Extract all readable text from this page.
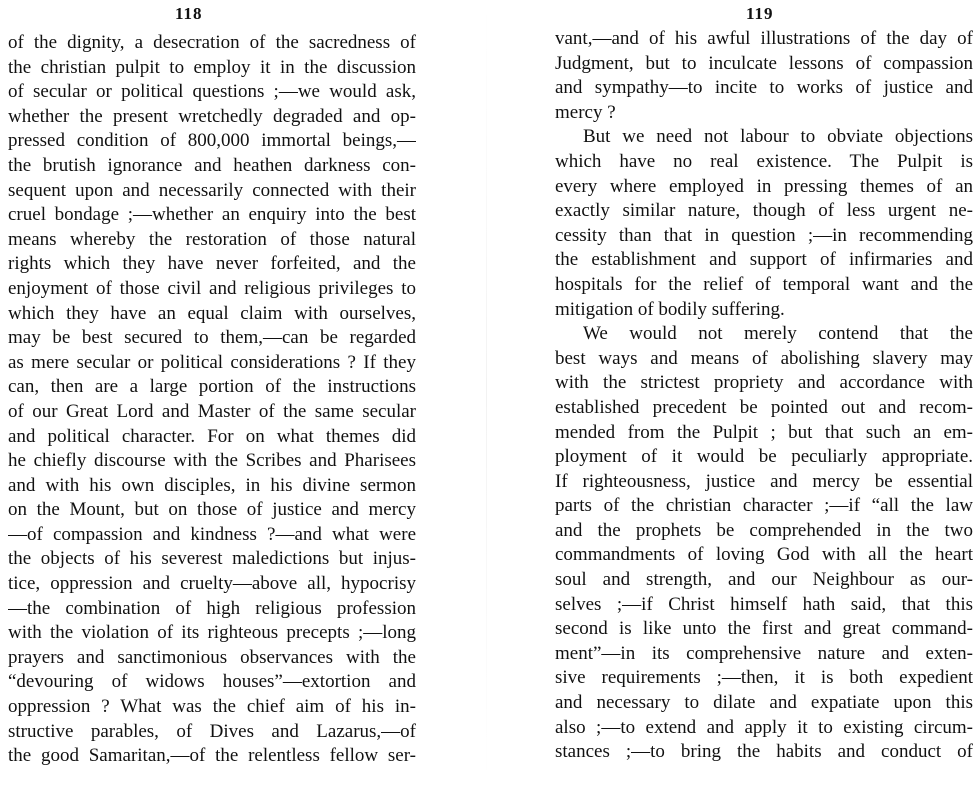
118
of the dignity, a desecration of the sacredness of
the christian pulpit to employ it in the discussion
of secular or political questions ;—we would ask,
whether the present wretchedly degraded and op-
pressed condition of 800,000 immortal beings,—
the brutish ignorance and heathen darkness con-
sequent upon and necessarily connected with their
cruel bondage ;—whether an enquiry into the best
means whereby the restoration of those natural
rights which they have never forfeited, and the
enjoyment of those civil and religious privileges to
which they have an equal claim with ourselves,
may be best secured to them,—can be regarded
as mere secular or political considerations ? If they
can, then are a large portion of the instructions
of our Great Lord and Master of the same secular
and political character. For on what themes did
he chiefly discourse with the Scribes and Pharisees
and with his own disciples, in his divine sermon
on the Mount, but on those of justice and mercy
—of compassion and kindness ?—and what were
the objects of his severest maledictions but injus-
tice, oppression and cruelty—above all, hypocrisy
—the combination of high religious profession
with the violation of its righteous precepts ;—long
prayers and sanctimonious observances with the
“devouring of widows houses”—extortion and
oppression ? What was the chief aim of his in-
structive parables, of Dives and Lazarus,—of
the good Samaritan,—of the relentless fellow ser-
119
vant,—and of his awful illustrations of the day of
Judgment, but to inculcate lessons of compassion
and sympathy—to incite to works of justice and
mercy ?
But we need not labour to obviate objections
which have no real existence. The Pulpit is
every where employed in pressing themes of an
exactly similar nature, though of less urgent ne-
cessity than that in question ;—in recommending
the establishment and support of infirmaries and
hospitals for the relief of temporal want and the
mitigation of bodily suffering.
We would not merely contend that the
best ways and means of abolishing slavery may
with the strictest propriety and accordance with
established precedent be pointed out and recom-
mended from the Pulpit ; but that such an em-
ployment of it would be peculiarly appropriate.
If righteousness, justice and mercy be essential
parts of the christian character ;—if “all the law
and the prophets be comprehended in the two
commandments of loving God with all the heart
soul and strength, and our Neighbour as our-
selves ;—if Christ himself hath said, that this
second is like unto the first and great command-
ment”—in its comprehensive nature and exten-
sive requirements ;—then, it is both expedient
and necessary to dilate and expatiate upon this
also ;—to extend and apply it to existing circum-
stances ;—to bring the habits and conduct of
